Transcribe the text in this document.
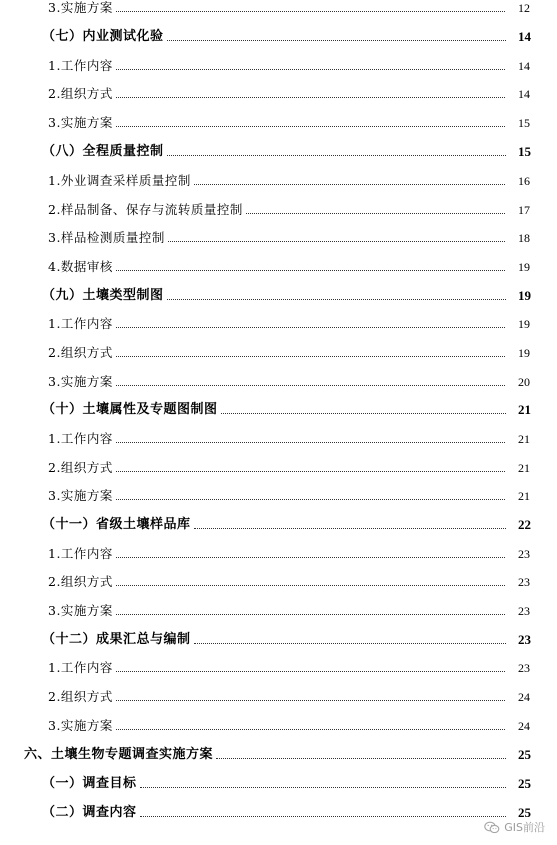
3.实施方案	12
（七）内业测试化验	14
1.工作内容	14
2.组织方式	14
3.实施方案	15
（八）全程质量控制	15
1.外业调查采样质量控制	16
2.样品制备、保存与流转质量控制	17
3.样品检测质量控制	18
4.数据审核	19
（九）土壤类型制图	19
1.工作内容	19
2.组织方式	19
3.实施方案	20
（十）土壤属性及专题图制图	21
1.工作内容	21
2.组织方式	21
3.实施方案	21
（十一）省级土壤样品库	22
1.工作内容	23
2.组织方式	23
3.实施方案	23
（十二）成果汇总与编制	23
1.工作内容	23
2.组织方式	24
3.实施方案	24
六、土壤生物专题调查实施方案	25
（一）调查目标	25
（二）调查内容	25
GIS前沿
